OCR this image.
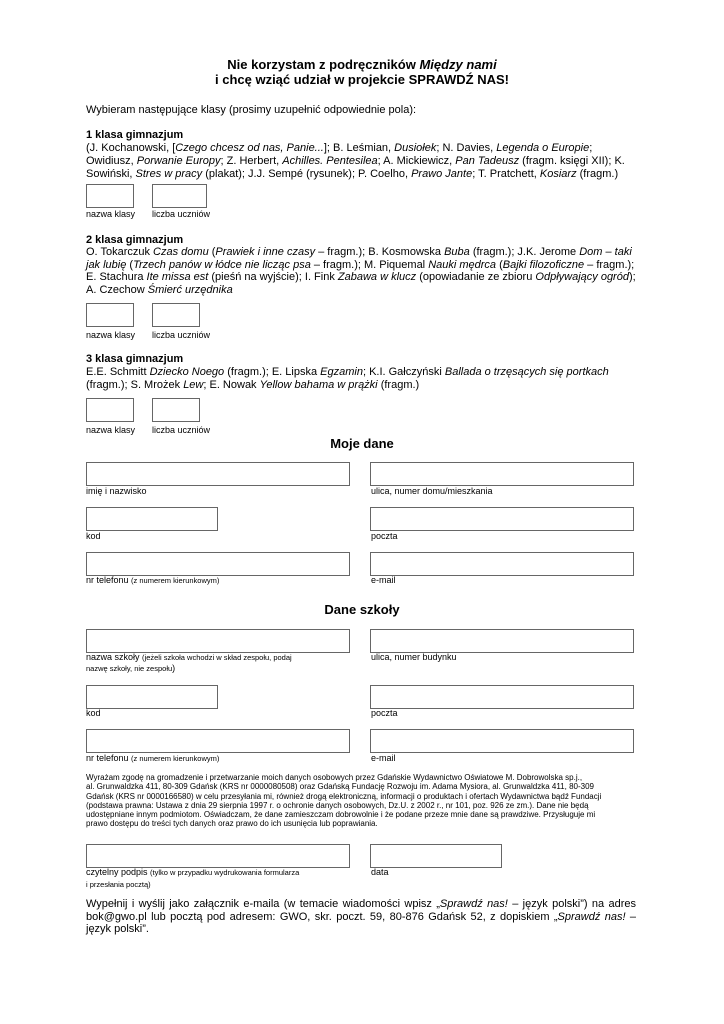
Nie korzystam z podręczników Między nami
i chcę wziąć udział w projekcie SPRAWDŹ NAS!
Wybieram następujące klasy (prosimy uzupełnić odpowiednie pola):
1 klasa gimnazjum
(J. Kochanowski, [Czego chcesz od nas, Panie...]; B. Leśmian, Dusiołek; N. Davies, Legenda o Europie;
Owidiusz, Porwanie Europy; Z. Herbert, Achilles. Pentesilea; A. Mickiewicz, Pan Tadeusz (fragm. księgi XII); K.
Sowiński, Stres w pracy (plakat); J.J. Sempé (rysunek); P. Coelho, Prawo Jante; T. Pratchett, Kosiarz (fragm.)
nazwa klasy liczba uczniów
2 klasa gimnazjum
O. Tokarczuk Czas domu (Prawiek i inne czasy – fragm.); B. Kosmowska Buba (fragm.); J.K. Jerome Dom – taki
jak lubię (Trzech panów w łódce nie licząc psa – fragm.); M. Piquemal Nauki mędrca (Bajki filozoficzne – fragm.);
E. Stachura Ite missa est (pieśń na wyjście); I. Fink Zabawa w klucz (opowiadanie ze zbioru Odpływający ogród);
A. Czechow Śmierć urzędnika
nazwa klasy liczba uczniów
3 klasa gimnazjum
E.E. Schmitt Dziecko Noego (fragm.); E. Lipska Egzamin; K.I. Gałczyński Ballada o trzęsących się portkach
(fragm.); S. Mrożek Lew; E. Nowak Yellow bahama w prążki (fragm.)
nazwa klasy liczba uczniów
Moje dane
imię i nazwisko	ulica, numer domu/mieszkania
kod	poczta
nr telefonu (z numerem kierunkowym)	e-mail
Dane szkoły
nazwa szkoły (jeżeli szkoła wchodzi w skład zespołu, podaj
nazwę szkoły, nie zespołu)
ulica, numer budynku
kod	poczta
nr telefonu (z numerem kierunkowym)	e-mail
Wyrażam zgodę na gromadzenie i przetwarzanie moich danych osobowych przez Gdańskie Wydawnictwo Oświatowe M. Dobrowolska sp.j.,
al. Grunwaldzka 411, 80-309 Gdańsk (KRS nr 0000080508) oraz Gdańską Fundację Rozwoju im. Adama Mysiora, al. Grunwaldzka 411, 80-309
Gdańsk (KRS nr 0000166580) w celu przesyłania mi, również drogą elektroniczną, informacji o produktach i ofertach Wydawnictwa bądź Fundacji
(podstawa prawna: Ustawa z dnia 29 sierpnia 1997 r. o ochronie danych osobowych, Dz.U. z 2002 r., nr 101, poz. 926 ze zm.). Dane nie będą
udostępniane innym podmiotom. Oświadczam, że dane zamieszczam dobrowolnie i że podane przeze mnie dane są prawdziwe. Przysługuje mi
prawo dostępu do treści tych danych oraz prawo do ich usunięcia lub poprawiania.
czytelny podpis (tylko w przypadku wydrukowania formularza
i przesłania pocztą)
data
Wypełnij i wyślij jako załącznik e-maila (w temacie wiadomości wpisz „Sprawdź nas! – język polski”) na adres
bok@gwo.pl lub pocztą pod adresem: GWO, skr. poczt. 59, 80-876 Gdańsk 52, z dopiskiem „Sprawdź nas! –
język polski”.
